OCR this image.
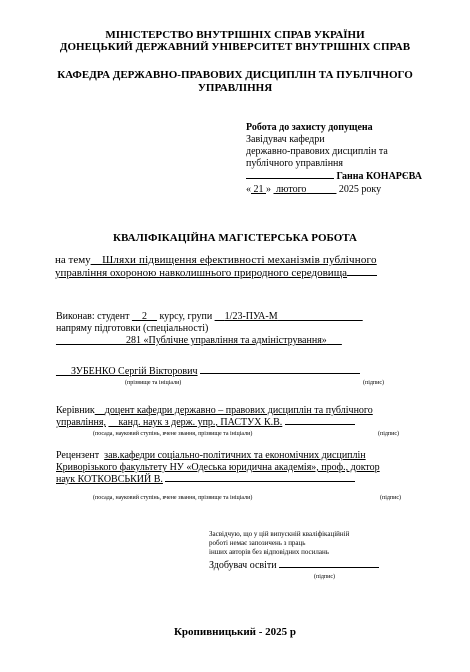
МІНІСТЕРСТВО ВНУТРІШНІХ СПРАВ УКРАЇНИ
ДОНЕЦЬКИЙ ДЕРЖАВНИЙ УНІВЕРСИТЕТ ВНУТРІШНІХ СПРАВ
КАФЕДРА ДЕРЖАВНО-ПРАВОВИХ ДИСЦИПЛІН ТА ПУБЛІЧНОГО
УПРАВЛІННЯ
Робота до захисту допущена
Завідувач кафедри
державно-правових дисциплін та
публічного управління
Ганна КОНАРЄВА
« 21 »  лютого______ 2025 року
КВАЛІФІКАЦІЙНА МАГІСТЕРСЬКА РОБОТА
на тему__Шляхи підвищення ефективності механізмів публічного
управління охороною навколишнього природного середовища
Виконав: студент __2__ курсу, групи __1/23-ПУА-М_________________
напряму підготовки (спеціальності)
______________281 «Публічне управління та адміністрування»___
___ЗУБЕНКО Сергій Вікторович
(прізвище та ініціали)	(підпис)
Керівник__доцент кафедри державно – правових дисциплін та публічного
управління, __канд. наук з держ. упр., ПАСТУХ К.В.
(посада, науковий ступінь, вчене звання, прізвище та ініціали)	(підпис)
Рецензент зав.кафедри соціально-політичних та економічних дисциплін
Криворізького факультету НУ «Одеська юридична академія», проф., доктор
наук КОТКОВСЬКИЙ В.
(посада, науковий ступінь, вчене звання, прізвище та ініціали)	(підпис)
Засвідчую, що у цій випускній кваліфікаційній
роботі немає запозичень з праць
інших авторів без відповідних посилань
Здобувач освіти
(підпис)
Кропивницький - 2025 р
